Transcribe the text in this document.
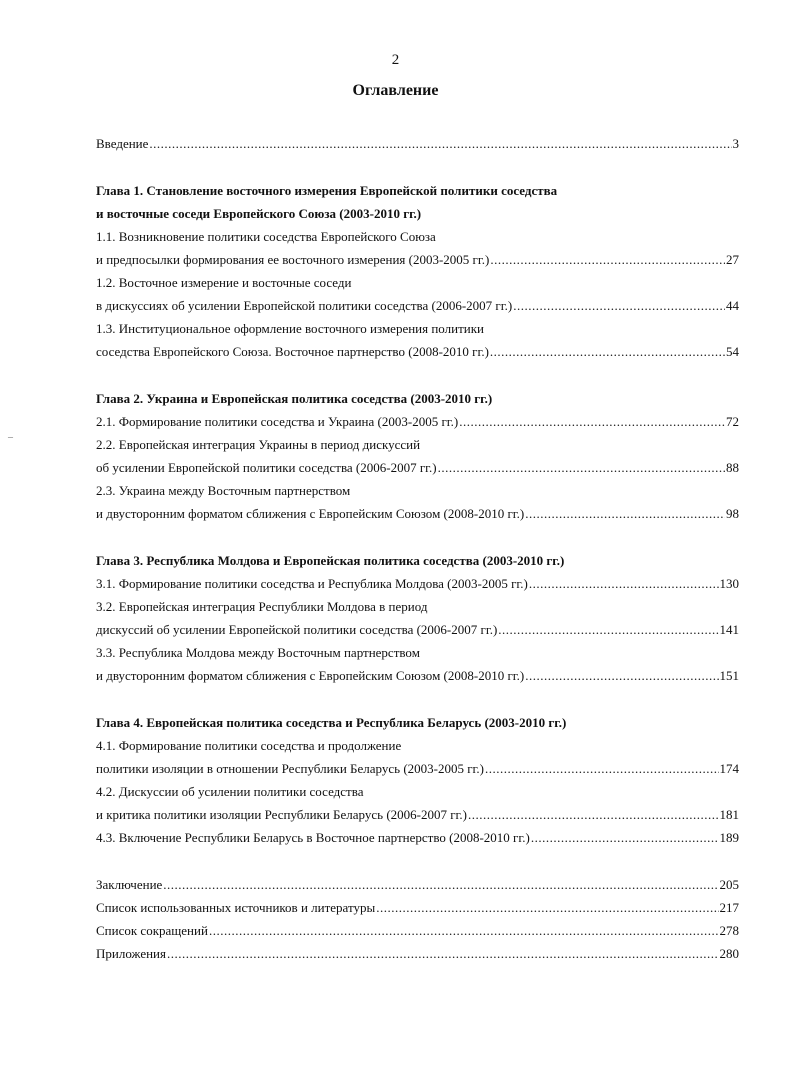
2
Оглавление
–
Введение .....	3
Глава 1. Становление восточного измерения Европейской политики соседства
и восточные соседи Европейского Союза (2003-2010 гг.)
1.1. Возникновение политики соседства Европейского Союза
и предпосылки формирования ее восточного измерения (2003-2005 гг.) .....	27
1.2. Восточное измерение и восточные соседи
в дискуссиях об усилении Европейской политики соседства (2006-2007 гг.) .....	44
1.3. Институциональное оформление восточного измерения политики
соседства Европейского Союза. Восточное партнерство (2008-2010 гг.) .....	54
Глава 2. Украина и Европейская политика соседства (2003-2010 гг.)
2.1. Формирование политики соседства и Украина (2003-2005 гг.) .....	72
2.2. Европейская интеграция Украины в период дискуссий
об усилении Европейской политики соседства (2006-2007 гг.) .....	88
2.3. Украина между Восточным партнерством
и двусторонним форматом сближения с Европейским Союзом (2008-2010 гг.) .....	98
Глава 3. Республика Молдова и Европейская политика соседства (2003-2010 гг.)
3.1. Формирование политики соседства и Республика Молдова (2003-2005 гг.) .....	130
3.2. Европейская интеграция Республики Молдова в период
дискуссий об усилении Европейской политики соседства (2006-2007 гг.) .....	141
3.3. Республика Молдова между Восточным партнерством
и двусторонним форматом сближения с Европейским Союзом (2008-2010 гг.) .....	151
Глава 4. Европейская политика соседства и Республика Беларусь (2003-2010 гг.)
4.1. Формирование политики соседства и продолжение
политики изоляции в отношении Республики Беларусь (2003-2005 гг.) .....	174
4.2. Дискуссии об усилении политики соседства
и критика политики изоляции Республики Беларусь (2006-2007 гг.) .....	181
4.3. Включение Республики Беларусь в Восточное партнерство (2008-2010 гг.) .....	189
Заключение .....	205
Список использованных источников и литературы .....	217
Список сокращений .....	278
Приложения .....	280
